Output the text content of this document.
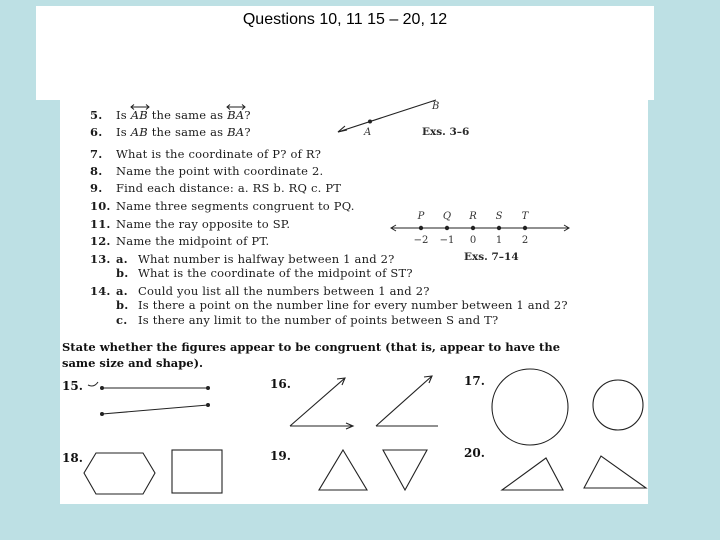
Questions 10, 11 15 – 20, 12
5. Is
AB the same as
BA?
6. Is AB the same as BA?
7. What is the coordinate of P? of R?
8. Name the point with coordinate 2.
9. Find each distance: a. RS b. RQ c. PT
10. Name three segments congruent to PQ.
11. Name the ray opposite to SP.
12. Name the midpoint of PT.
13. a. What number is halfway between 1 and 2?
b. What is the coordinate of the midpoint of ST?
14. a. Could you list all the numbers between 1 and 2?
b. Is there a point on the number line for every number between 1 and 2?
c. Is there any limit to the number of points between S and T?
A
B
Exs. 3–6
P
−2
Q
−1
R
0
S
1
T
2
Exs. 7–14
State whether the figures appear to be congruent (that is, appear to have the
same size and shape).
15.	16.	17.
18.	19.	20.
